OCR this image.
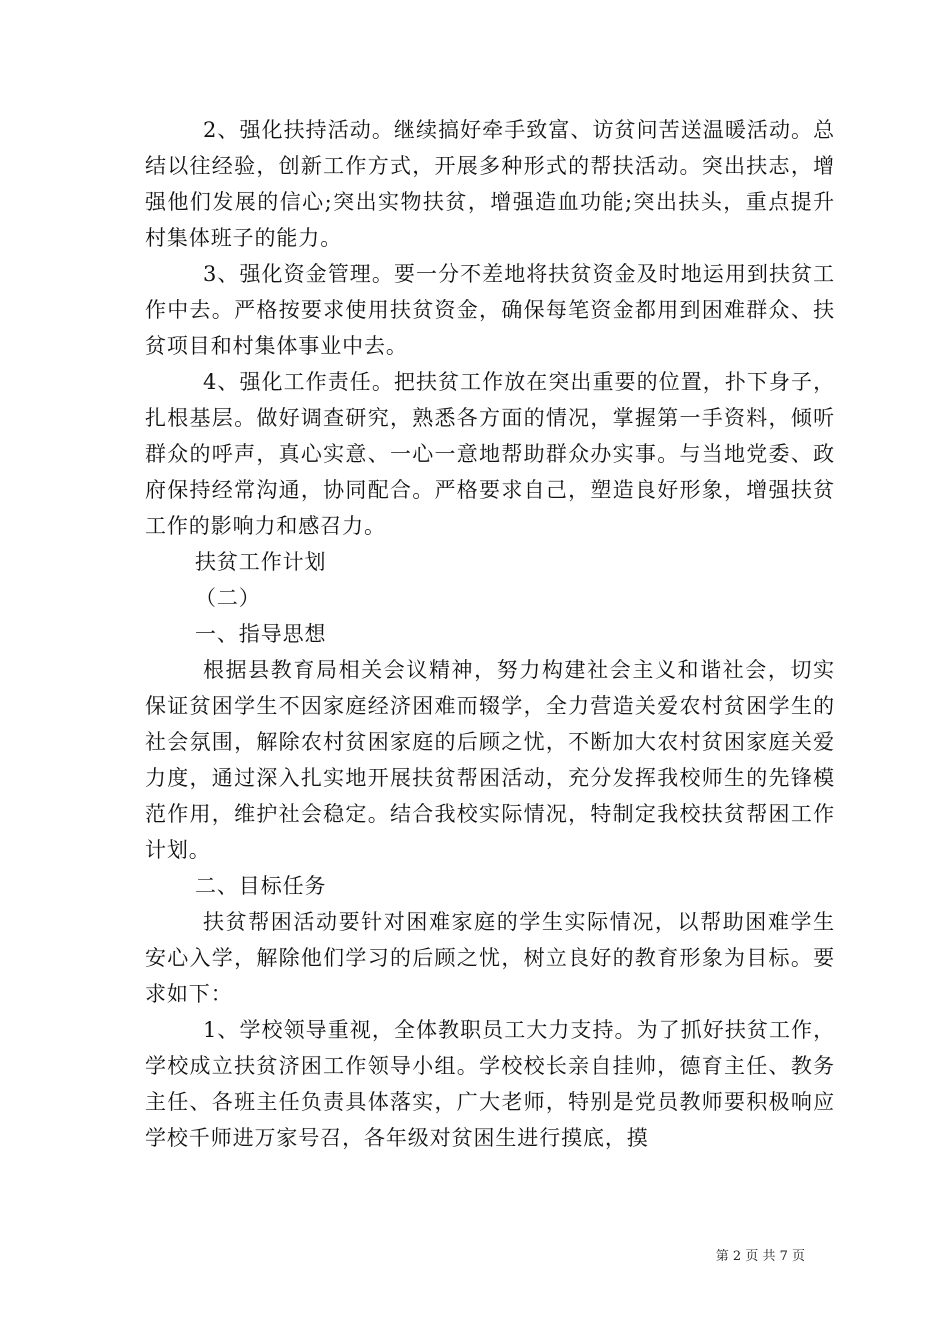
2、强化扶持活动。继续搞好牵手致富、访贫问苦送温暖活动。总结以往经验，创新工作方式，开展多种形式的帮扶活动。突出扶志，增强他们发展的信心;突出实物扶贫，增强造血功能;突出扶头，重点提升村集体班子的能力。

3、强化资金管理。要一分不差地将扶贫资金及时地运用到扶贫工作中去。严格按要求使用扶贫资金，确保每笔资金都用到困难群众、扶贫项目和村集体事业中去。

4、强化工作责任。把扶贫工作放在突出重要的位置，扑下身子，扎根基层。做好调查研究，熟悉各方面的情况，掌握第一手资料，倾听群众的呼声，真心实意、一心一意地帮助群众办实事。与当地党委、政府保持经常沟通，协同配合。严格要求自己，塑造良好形象，增强扶贫工作的影响力和感召力。

扶贫工作计划

（二）

一、指导思想

根据县教育局相关会议精神，努力构建社会主义和谐社会，切实保证贫困学生不因家庭经济困难而辍学，全力营造关爱农村贫困学生的社会氛围，解除农村贫困家庭的后顾之忧，不断加大农村贫困家庭关爱力度，通过深入扎实地开展扶贫帮困活动，充分发挥我校师生的先锋模范作用，维护社会稳定。结合我校实际情况，特制定我校扶贫帮困工作计划。

二、目标任务

扶贫帮困活动要针对困难家庭的学生实际情况，以帮助困难学生安心入学，解除他们学习的后顾之忧，树立良好的教育形象为目标。要求如下：

1、学校领导重视，全体教职员工大力支持。为了抓好扶贫工作，学校成立扶贫济困工作领导小组。学校校长亲自挂帅，德育主任、教务主任、各班主任负责具体落实，广大老师，特别是党员教师要积极响应学校千师进万家号召，各年级对贫困生进行摸底，摸

第 2 页 共 7 页
